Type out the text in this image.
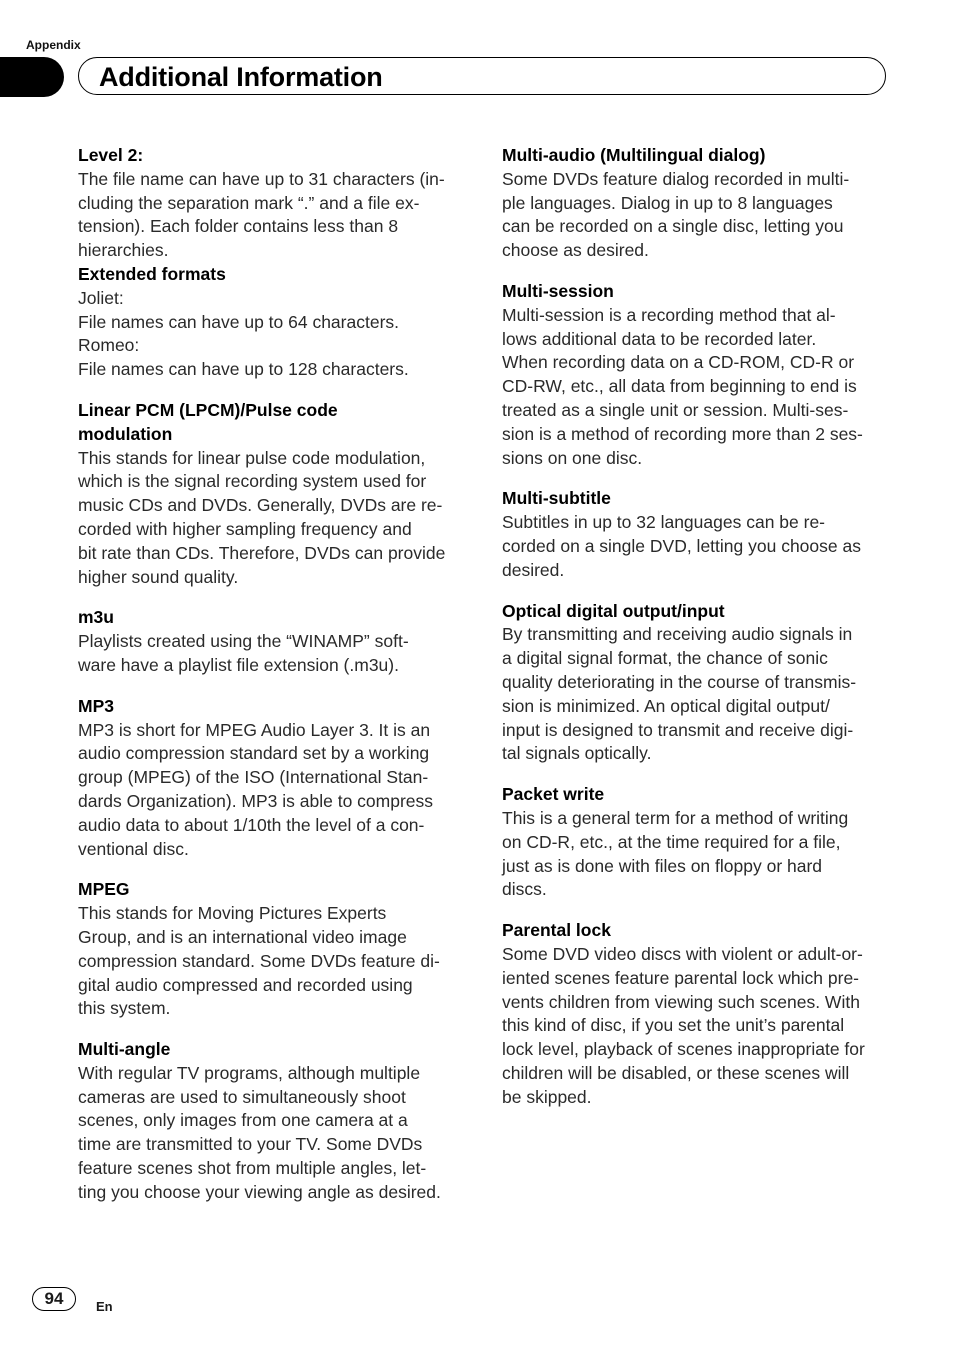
Appendix
Additional Information
Level 2:
The file name can have up to 31 characters (in-
cluding the separation mark “.” and a file ex-
tension). Each folder contains less than 8
hierarchies.
Extended formats
Joliet:
File names can have up to 64 characters.
Romeo:
File names can have up to 128 characters.
Linear PCM (LPCM)/Pulse code
modulation
This stands for linear pulse code modulation,
which is the signal recording system used for
music CDs and DVDs. Generally, DVDs are re-
corded with higher sampling frequency and
bit rate than CDs. Therefore, DVDs can provide
higher sound quality.
m3u
Playlists created using the “WINAMP” soft-
ware have a playlist file extension (.m3u).
MP3
MP3 is short for MPEG Audio Layer 3. It is an
audio compression standard set by a working
group (MPEG) of the ISO (International Stan-
dards Organization). MP3 is able to compress
audio data to about 1/10th the level of a con-
ventional disc.
MPEG
This stands for Moving Pictures Experts
Group, and is an international video image
compression standard. Some DVDs feature di-
gital audio compressed and recorded using
this system.
Multi-angle
With regular TV programs, although multiple
cameras are used to simultaneously shoot
scenes, only images from one camera at a
time are transmitted to your TV. Some DVDs
feature scenes shot from multiple angles, let-
ting you choose your viewing angle as desired.
Multi-audio (Multilingual dialog)
Some DVDs feature dialog recorded in multi-
ple languages. Dialog in up to 8 languages
can be recorded on a single disc, letting you
choose as desired.
Multi-session
Multi-session is a recording method that al-
lows additional data to be recorded later.
When recording data on a CD-ROM, CD-R or
CD-RW, etc., all data from beginning to end is
treated as a single unit or session. Multi-ses-
sion is a method of recording more than 2 ses-
sions on one disc.
Multi-subtitle
Subtitles in up to 32 languages can be re-
corded on a single DVD, letting you choose as
desired.
Optical digital output/input
By transmitting and receiving audio signals in
a digital signal format, the chance of sonic
quality deteriorating in the course of transmis-
sion is minimized. An optical digital output/
input is designed to transmit and receive digi-
tal signals optically.
Packet write
This is a general term for a method of writing
on CD-R, etc., at the time required for a file,
just as is done with files on floppy or hard
discs.
Parental lock
Some DVD video discs with violent or adult-or-
iented scenes feature parental lock which pre-
vents children from viewing such scenes. With
this kind of disc, if you set the unit’s parental
lock level, playback of scenes inappropriate for
children will be disabled, or these scenes will
be skipped.
94	En
